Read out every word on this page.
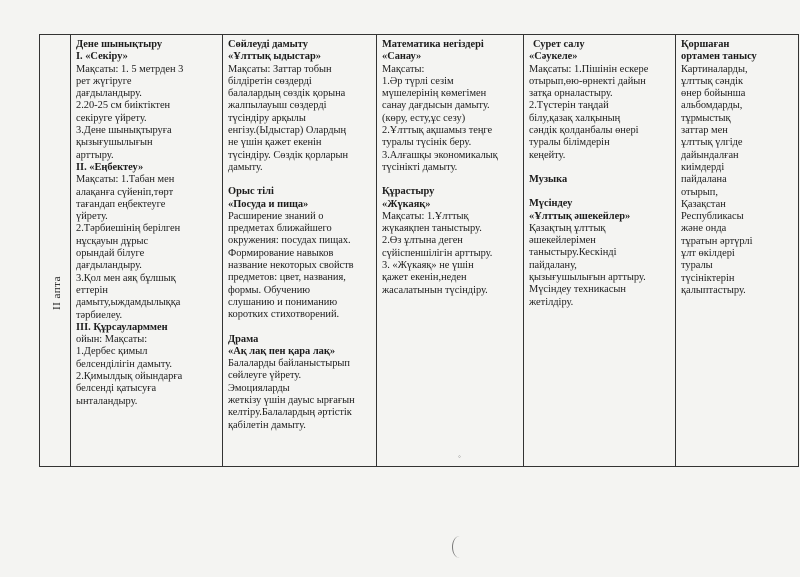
II апта

Дене шынықтыру

І. «Секіру»

Мақсаты: 1. 5 метрден 3

рет жүгіруге

дағдыландыру.

2.20-25 см биіктіктен

секіруге үйрету.

3.Дене шынықтыруға

қызығушылығын

арттыру.

ІІ. «Еңбектеу»

Мақсаты: 1.Табан мен

алақанға сүйеніп,төрт

тағандап еңбектеуге

үйрету.

2.Тәрбиешінің берілген

нұсқауын дұрыс

орындай білуге

дағдыландыру.

3.Қол мен аяқ бұлшық

еттерін

дамыту,ыждамдылыққа

тәрбиелеу.

ІІІ. Құрсауларммен

ойын: Мақсаты:

1.Дербес қимыл

белсенділігін дамыту.

2.Қимылдық ойындарға

белсенді қатысуға

ынталандыру.

Сөйлеуді дамыту

«Ұлттық ыдыстар»

Мақсаты: Заттар тобын

білдіретін сөздерді

балалардың сөздік қорына

жалпылауыш сөздерді

түсіндіру арқылы

енгізу.(Ыдыстар) Олардың

не үшін қажет екенін

түсіндіру. Сөздік қорларын

дамыту.

Орыс тілі

«Посуда и пища»

Расширение знаний о

предметах ближайшего

окружения: посудах пищах.

Формирование навыков

название некоторых свойств

предметов: цвет, названия,

формы. Обучению

слушанию и пониманию

коротких стихотворений.

Драма

«Ақ лақ пен қара лақ»

Балаларды байланыстырып

сөйлеуге үйрету.

Эмоцияларды

жеткізу үшін дауыс ырғағын

келтіру.Балалардың әртістік

қабілетін дамыту.

Математика негіздері

«Санау»

Мақсаты:

1.Әр түрлі сезім

мүшелерінің көмегімен

санау дағдысын дамыту.

(көру, есту,ұс сезу)

2.Ұлттық ақшамыз теңге

туралы түсінік беру.

3.Алғашқы экономикалық

түсінікті дамыту.

Құрастыру

«Жүкаяқ»

Мақсаты: 1.Ұлттық

жүкаяқпен таныстыру.

2.Өз ұлтына деген

сүйіспеншілігін арттыру.

3. «Жүкаяқ» не үшін

қажет екенін,неден

жасалатынын түсіндіру.

Сурет салу

«Сәукеле»

Мақсаты: 1.Пішінін ескере

отырып,өю-өрнекті дайын

затқа орналастыру.

2.Түстерін таңдай

білу,қазақ халқының

сәндік қолданбалы өнері

туралы білімдерін

кеңейту.

Музыка

Мүсіндеу

«Ұлттық әшекейлер»

Қазақтың ұлттық

әшекейлерімен

таныстыру.Кескінді

пайдалану,

қызығушылығын арттыру.

Мүсіндеу техникасын

жетілдіру.

Қоршаған

ортамен танысу

Картиналарды,

ұлттық сәндік

өнер бойынша

альбомдарды,

тұрмыстық

заттар мен

ұлттық үлгіде

дайындалған

киімдерді

пайдалана

отырып,

Қазақстан

Республикасы

және онда

тұратын әртүрлі

ұлт өкілдері

туралы

түсініктерін

қалыптастыру.

◦
